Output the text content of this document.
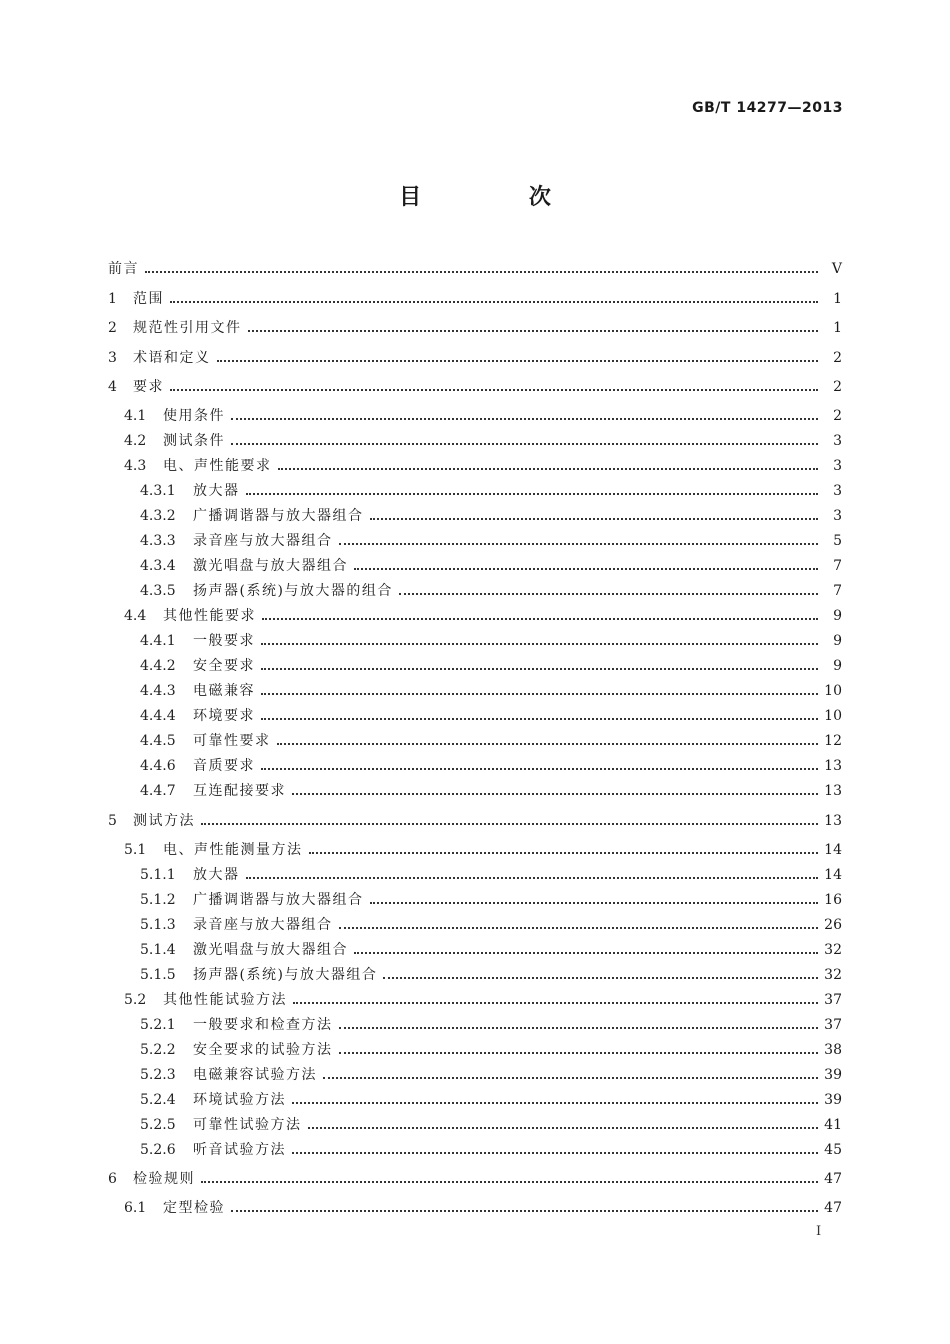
GB/T 14277—2013
目 次
前言	Ⅴ
1	范围	1
2	规范性引用文件	1
3	术语和定义	2
4	要求	2
4.1	使用条件	2
4.2	测试条件	3
4.3	电、声性能要求	3
4.3.1	放大器	3
4.3.2	广播调谐器与放大器组合	3
4.3.3	录音座与放大器组合	5
4.3.4	激光唱盘与放大器组合	7
4.3.5	扬声器(系统)与放大器的组合	7
4.4	其他性能要求	9
4.4.1	一般要求	9
4.4.2	安全要求	9
4.4.3	电磁兼容	10
4.4.4	环境要求	10
4.4.5	可靠性要求	12
4.4.6	音质要求	13
4.4.7	互连配接要求	13
5	测试方法	13
5.1	电、声性能测量方法	14
5.1.1	放大器	14
5.1.2	广播调谐器与放大器组合	16
5.1.3	录音座与放大器组合	26
5.1.4	激光唱盘与放大器组合	32
5.1.5	扬声器(系统)与放大器组合	32
5.2	其他性能试验方法	37
5.2.1	一般要求和检查方法	37
5.2.2	安全要求的试验方法	38
5.2.3	电磁兼容试验方法	39
5.2.4	环境试验方法	39
5.2.5	可靠性试验方法	41
5.2.6	听音试验方法	45
6	检验规则	47
6.1	定型检验	47
Ⅰ
